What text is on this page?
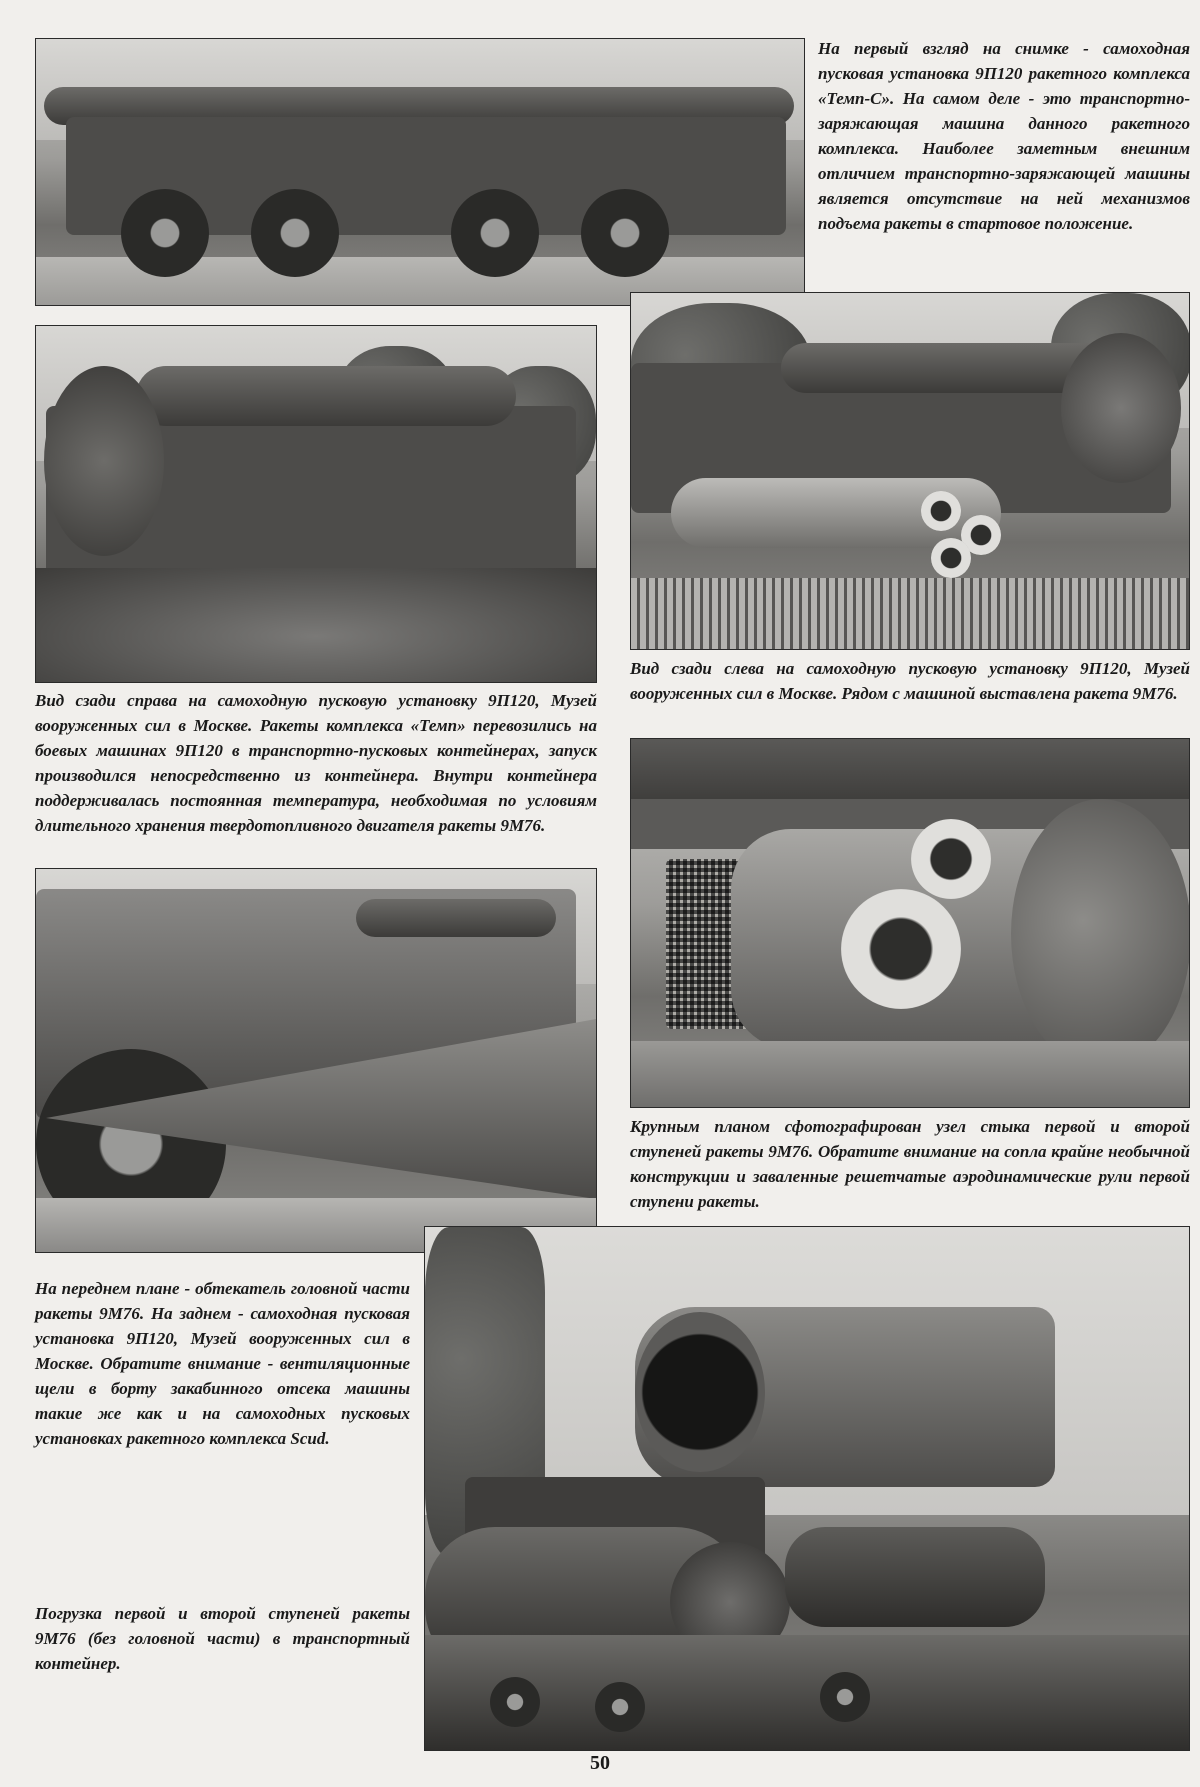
На первый взгляд на снимке - самоходная пусковая установка 9П120 ракетного комплекса «Темп-С». На самом деле - это транспортно-заряжающая машина данного ракетного комплекса. Наиболее заметным внешним отличием транспортно-заряжающей машины является отсутствие на ней механизмов подъема ракеты в стартовое положение.

Вид сзади слева на самоходную пусковую установку 9П120, Музей вооруженных сил в Москве. Рядом с машиной выставлена ракета 9М76.

Вид сзади справа на самоходную пусковую установку 9П120, Музей вооруженных сил в Москве. Ракеты комплекса «Темп» перевозились на боевых машинах 9П120 в транспортно-пусковых контейнерах, запуск производился непосредственно из контейнера. Внутри контейнера поддерживалась постоянная температура, необходимая по условиям длительного хранения твердотопливного двигателя ракеты 9М76.

Крупным планом сфотографирован узел стыка первой и второй ступеней ракеты 9М76. Обратите внимание на сопла крайне необычной конструкции и заваленные решетчатые аэродинамические рули первой ступени ракеты.

На переднем плане - обтекатель головной части ракеты 9М76. На заднем - самоходная пусковая установка 9П120, Музей вооруженных сил в Москве. Обратите внимание - вентиляционные щели в борту закабинного отсека машины такие же как и на самоходных пусковых установках ракетного комплекса Scud.

Погрузка первой и второй ступеней ракеты 9М76 (без головной части) в транспортный контейнер.

50
